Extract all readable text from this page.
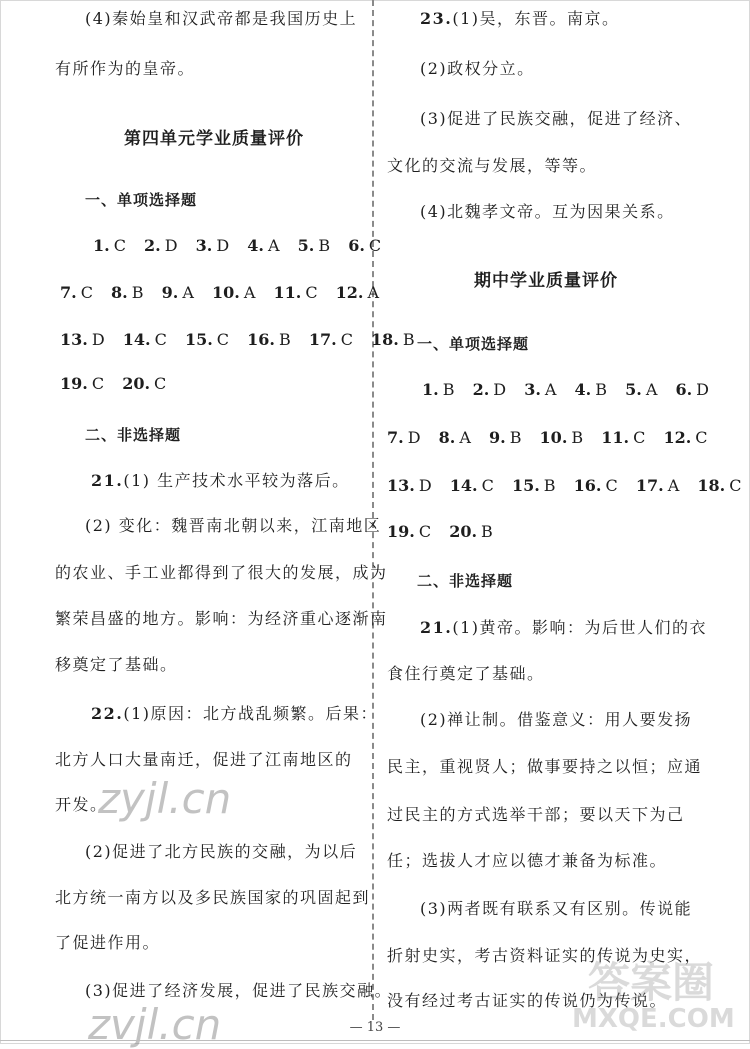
(4)秦始皇和汉武帝都是我国历史上
有所作为的皇帝。
第四单元学业质量评价
一、单项选择题
1. C 2. D 3. D 4. A 5. B 6. C
7. C 8. B 9. A 10. A 11. C 12. A
13. D 14. C 15. C 16. B 17. C 18. B
19. C 20. C
二、非选择题
21.(1) 生产技术水平较为落后。
(2) 变化：魏晋南北朝以来，江南地区
的农业、手工业都得到了很大的发展，成为
繁荣昌盛的地方。影响：为经济重心逐渐南
移奠定了基础。
22.(1)原因：北方战乱频繁。后果：
北方人口大量南迁，促进了江南地区的
开发。
(2)促进了北方民族的交融，为以后
北方统一南方以及多民族国家的巩固起到
了促进作用。
(3)促进了经济发展，促进了民族交融。
23.(1)吴，东晋。南京。
(2)政权分立。
(3)促进了民族交融，促进了经济、
文化的交流与发展，等等。
(4)北魏孝文帝。互为因果关系。
期中学业质量评价
一、单项选择题
1. B 2. D 3. A 4. B 5. A 6. D
7. D 8. A 9. B 10. B 11. C 12. C
13. D 14. C 15. B 16. C 17. A 18. C
19. C 20. B
二、非选择题
21.(1)黄帝。影响：为后世人们的衣
食住行奠定了基础。
(2)禅让制。借鉴意义：用人要发扬
民主，重视贤人；做事要持之以恒；应通
过民主的方式选举干部；要以天下为己
任；选拔人才应以德才兼备为标准。
(3)两者既有联系又有区别。传说能
折射史实，考古资料证实的传说为史实，
没有经过考古证实的传说仍为传说。
zyjl.cn
zvjl.cn
答案圈
MXQE.COM
— 13 —
